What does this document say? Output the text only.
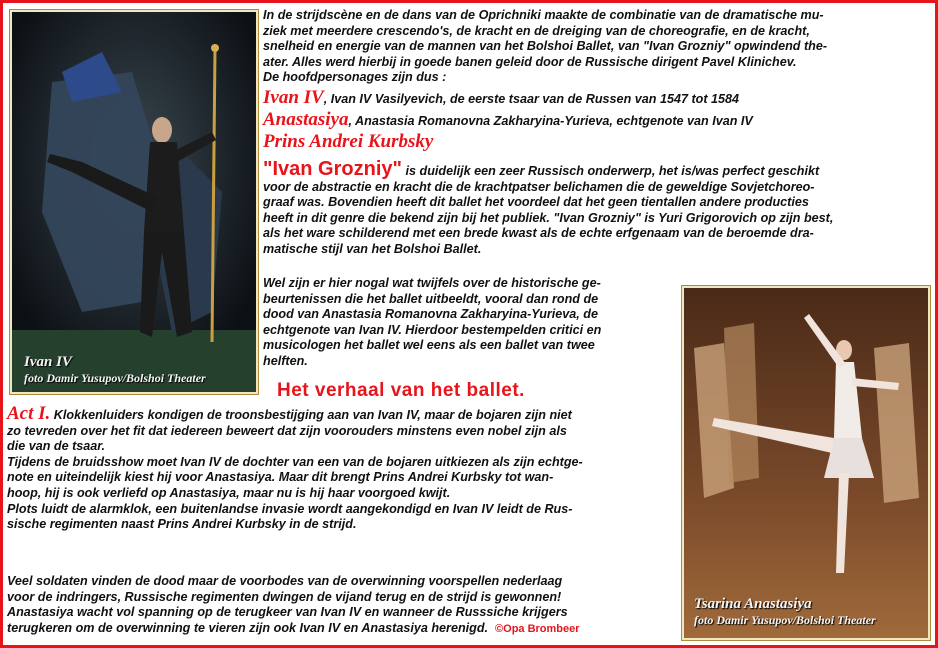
Ivan IV
foto Damir Yusupov/Bolshoi Theater
Tsarina Anastasiya
foto Damir Yusupov/Bolshoi Theater
In de strijdscène en de dans van de Oprichniki maakte de combinatie van de dramatische mu-
ziek met meerdere crescendo's, de kracht en de dreiging van de choreografie, en de kracht,
snelheid en energie van de mannen van het Bolshoi Ballet, van "Ivan Grozniy" opwindend the-
ater. Alles werd hierbij in goede banen geleid door de Russische dirigent Pavel Klinichev.
De hoofdpersonages zijn dus :
Ivan IV, Ivan IV Vasilyevich, de eerste tsaar van de Russen van 1547 tot 1584
Anastasiya, Anastasia Romanovna Zakharyina-Yurieva, echtgenote van Ivan IV
Prins Andrei Kurbsky
"Ivan Grozniy" is duidelijk een zeer Russisch onderwerp, het is/was perfect geschikt
voor de abstractie en kracht die de krachtpatser belichamen die de geweldige Sovjetchoreo-
graaf was. Bovendien heeft dit ballet het voordeel dat het geen tientallen andere producties
heeft in dit genre die bekend zijn bij het publiek. "Ivan Grozniy" is Yuri Grigorovich op zijn best,
als het ware schilderend met een brede kwast als de echte erfgenaam van de beroemde dra-
matische stijl van het Bolshoi Ballet.
Wel zijn er hier nogal wat twijfels over de historische ge-
beurtenissen die het ballet uitbeeldt, vooral dan rond de
dood van Anastasia Romanovna Zakharyina-Yurieva, de
echtgenote van Ivan IV. Hierdoor bestempelden critici en
musicologen het ballet wel eens als een ballet van twee
helften.
Het verhaal van het ballet.
Act I. Klokkenluiders kondigen de troonsbestijging aan van Ivan IV, maar de bojaren zijn niet
zo tevreden over het fit dat iedereen beweert dat zijn voorouders minstens even nobel zijn als
die van de tsaar.
Tijdens de bruidsshow moet Ivan IV de dochter van een van de bojaren uitkiezen als zijn echtge-
note en uiteindelijk kiest hij voor Anastasiya. Maar dit brengt Prins Andrei Kurbsky tot wan-
hoop, hij is ook verliefd op Anastasiya, maar nu is hij haar voorgoed kwijt.
Plots luidt de alarmklok, een buitenlandse invasie wordt aangekondigd en Ivan IV leidt de Rus-
sische regimenten naast Prins Andrei Kurbsky in de strijd.
Veel soldaten vinden de dood maar de voorbodes van de overwinning voorspellen nederlaag
voor de indringers, Russische regimenten dwingen de vijand terug en de strijd is gewonnen!
Anastasiya wacht vol spanning op de terugkeer van Ivan IV en wanneer de Russsiche krijgers
terugkeren om de overwinning te vieren zijn ook Ivan IV en Anastasiya herenigd. ©Opa Brombeer
